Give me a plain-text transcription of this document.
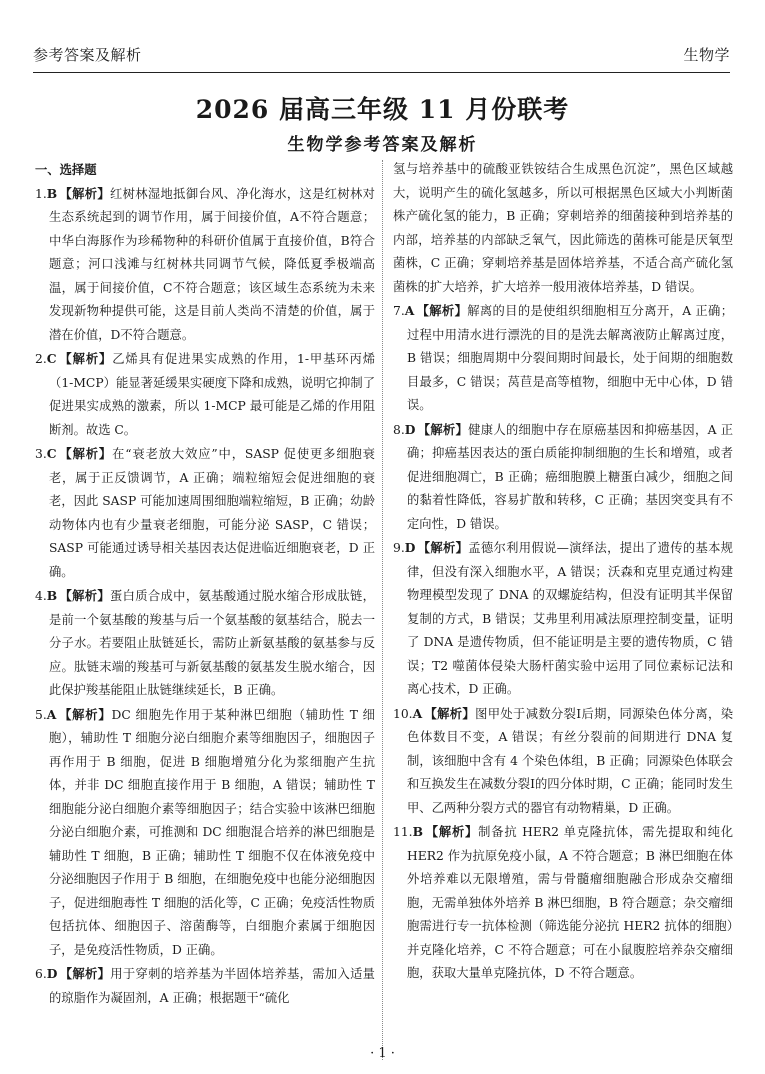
参考答案及解析	生物学
2026 届高三年级 11 月份联考
生物学参考答案及解析

一、选择题

1.B 【解析】红树林湿地抵御台风、净化海水，这是红树林对生态系统起到的调节作用，属于间接价值，A不符合题意；中华白海豚作为珍稀物种的科研价值属于直接价值，B符合题意；河口浅滩与红树林共同调节气候，降低夏季极端高温，属于间接价值，C不符合题意；该区域生态系统为未来发现新物种提供可能，这是目前人类尚不清楚的价值，属于潜在价值，D不符合题意。

2.C 【解析】乙烯具有促进果实成熟的作用，1-甲基环丙烯（1-MCP）能显著延缓果实硬度下降和成熟，说明它抑制了促进果实成熟的激素，所以 1-MCP 最可能是乙烯的作用阻断剂。故选 C。

3.C 【解析】在“衰老放大效应”中，SASP 促使更多细胞衰老，属于正反馈调节，A 正确；端粒缩短会促进细胞的衰老，因此 SASP 可能加速周围细胞端粒缩短，B 正确；幼龄动物体内也有少量衰老细胞，可能分泌 SASP，C 错误；SASP 可能通过诱导相关基因表达促进临近细胞衰老，D 正确。

4.B 【解析】蛋白质合成中，氨基酸通过脱水缩合形成肽链，是前一个氨基酸的羧基与后一个氨基酸的氨基结合，脱去一分子水。若要阻止肽链延长，需防止新氨基酸的氨基参与反应。肽链末端的羧基可与新氨基酸的氨基发生脱水缩合，因此保护羧基能阻止肽链继续延长，B 正确。

5.A 【解析】DC 细胞先作用于某种淋巴细胞（辅助性 T 细胞），辅助性 T 细胞分泌白细胞介素等细胞因子，细胞因子再作用于 B 细胞，促进 B 细胞增殖分化为浆细胞产生抗体，并非 DC 细胞直接作用于 B 细胞，A 错误；辅助性 T 细胞能分泌白细胞介素等细胞因子；结合实验中该淋巴细胞分泌白细胞介素，可推测和 DC 细胞混合培养的淋巴细胞是辅助性 T 细胞，B 正确；辅助性 T 细胞不仅在体液免疫中分泌细胞因子作用于 B 细胞，在细胞免疫中也能分泌细胞因子，促进细胞毒性 T 细胞的活化等，C 正确；免疫活性物质包括抗体、细胞因子、溶菌酶等，白细胞介素属于细胞因子，是免疫活性物质，D 正确。

6.D 【解析】用于穿刺的培养基为半固体培养基，需加入适量的琼脂作为凝固剂，A 正确；根据题干“硫化

氢与培养基中的硫酸亚铁铵结合生成黑色沉淀”，黑色区域越大，说明产生的硫化氢越多，所以可根据黑色区域大小判断菌株产硫化氢的能力，B 正确；穿刺培养的细菌接种到培养基的内部，培养基的内部缺乏氧气，因此筛选的菌株可能是厌氧型菌株，C 正确；穿刺培养基是固体培养基，不适合高产硫化氢菌株的扩大培养，扩大培养一般用液体培养基，D 错误。

7.A 【解析】解离的目的是使组织细胞相互分离开，A 正确；过程中用清水进行漂洗的目的是洗去解离液防止解离过度，B 错误；细胞周期中分裂间期时间最长，处于间期的细胞数目最多，C 错误；莴苣是高等植物，细胞中无中心体，D 错误。

8.D 【解析】健康人的细胞中存在原癌基因和抑癌基因，A 正确；抑癌基因表达的蛋白质能抑制细胞的生长和增殖，或者促进细胞凋亡，B 正确；癌细胞膜上糖蛋白减少，细胞之间的黏着性降低，容易扩散和转移，C 正确；基因突变具有不定向性，D 错误。

9.D 【解析】孟德尔利用假说—演绎法，提出了遗传的基本规律，但没有深入细胞水平，A 错误；沃森和克里克通过构建物理模型发现了 DNA 的双螺旋结构，但没有证明其半保留复制的方式，B 错误；艾弗里利用减法原理控制变量，证明了 DNA 是遗传物质，但不能证明是主要的遗传物质，C 错误；T2 噬菌体侵染大肠杆菌实验中运用了同位素标记法和离心技术，D 正确。

10.A 【解析】图甲处于减数分裂Ⅰ后期，同源染色体分离，染色体数目不变，A 错误；有丝分裂前的间期进行 DNA 复制，该细胞中含有 4 个染色体组，B 正确；同源染色体联会和互换发生在减数分裂Ⅰ的四分体时期，C 正确；能同时发生甲、乙两种分裂方式的器官有动物精巢，D 正确。

11.B 【解析】制备抗 HER2 单克隆抗体，需先提取和纯化 HER2 作为抗原免疫小鼠，A 不符合题意；B 淋巴细胞在体外培养难以无限增殖，需与骨髓瘤细胞融合形成杂交瘤细胞，无需单独体外培养 B 淋巴细胞，B 符合题意；杂交瘤细胞需进行专一抗体检测（筛选能分泌抗 HER2 抗体的细胞）并克隆化培养，C 不符合题意；可在小鼠腹腔培养杂交瘤细胞，获取大量单克隆抗体，D 不符合题意。

· 1 ·
